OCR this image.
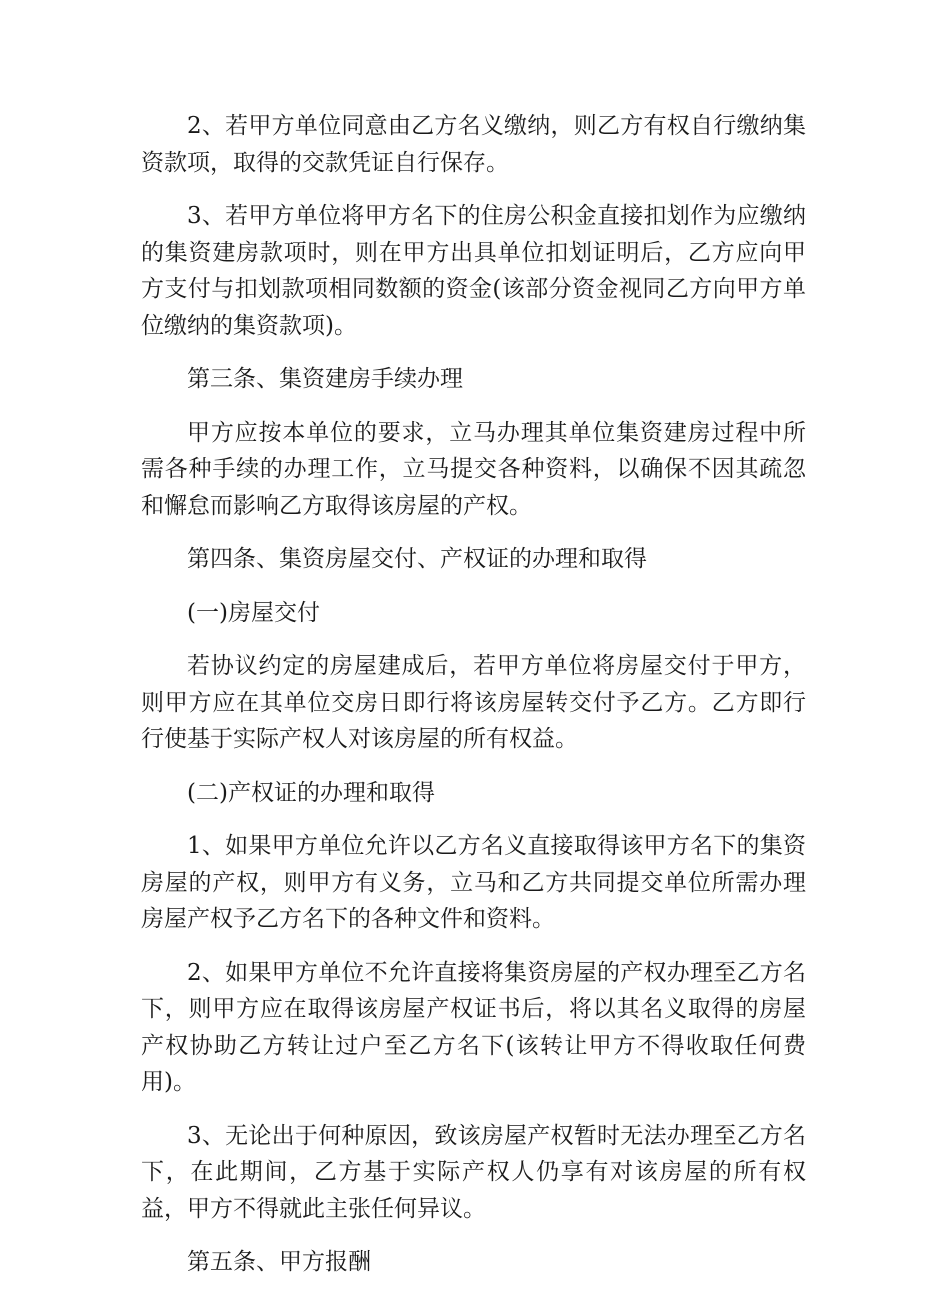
2、若甲方单位同意由乙方名义缴纳，则乙方有权自行缴纳集资款项，取得的交款凭证自行保存。

3、若甲方单位将甲方名下的住房公积金直接扣划作为应缴纳的集资建房款项时，则在甲方出具单位扣划证明后，乙方应向甲方支付与扣划款项相同数额的资金(该部分资金视同乙方向甲方单位缴纳的集资款项)。

第三条、集资建房手续办理

甲方应按本单位的要求，立马办理其单位集资建房过程中所需各种手续的办理工作，立马提交各种资料，以确保不因其疏忽和懈怠而影响乙方取得该房屋的产权。

第四条、集资房屋交付、产权证的办理和取得

(一)房屋交付

若协议约定的房屋建成后，若甲方单位将房屋交付于甲方，则甲方应在其单位交房日即行将该房屋转交付予乙方。乙方即行行使基于实际产权人对该房屋的所有权益。

(二)产权证的办理和取得

1、如果甲方单位允许以乙方名义直接取得该甲方名下的集资房屋的产权，则甲方有义务，立马和乙方共同提交单位所需办理房屋产权予乙方名下的各种文件和资料。

2、如果甲方单位不允许直接将集资房屋的产权办理至乙方名下，则甲方应在取得该房屋产权证书后，将以其名义取得的房屋产权协助乙方转让过户至乙方名下(该转让甲方不得收取任何费用)。

3、无论出于何种原因，致该房屋产权暂时无法办理至乙方名下，在此期间，乙方基于实际产权人仍享有对该房屋的所有权益，甲方不得就此主张任何异议。

第五条、甲方报酬
